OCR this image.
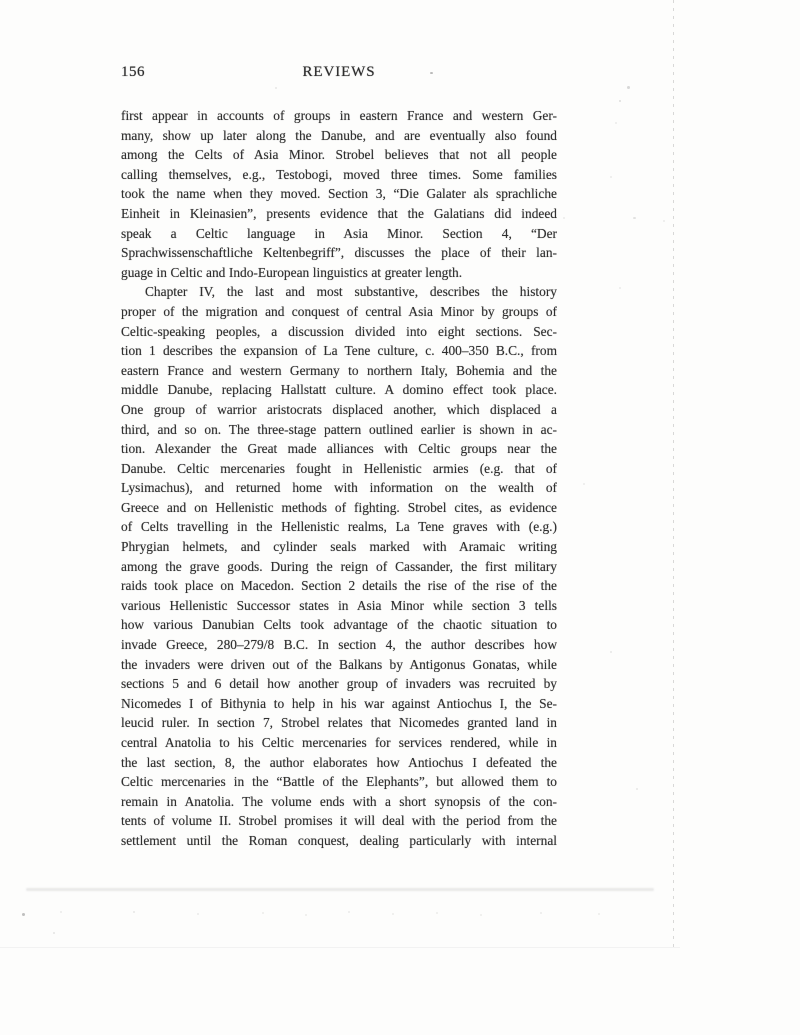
156	REVIEWS
first appear in accounts of groups in eastern France and western Ger-
many, show up later along the Danube, and are eventually also found
among the Celts of Asia Minor. Strobel believes that not all people
calling themselves, e.g., Testobogi, moved three times. Some families
took the name when they moved. Section 3, “Die Galater als sprachliche
Einheit in Kleinasien”, presents evidence that the Galatians did indeed
speak a Celtic language in Asia Minor. Section 4, “Der
Sprachwissenschaftliche Keltenbegriff”, discusses the place of their lan-
guage in Celtic and Indo-European linguistics at greater length.
Chapter IV, the last and most substantive, describes the history
proper of the migration and conquest of central Asia Minor by groups of
Celtic-speaking peoples, a discussion divided into eight sections. Sec-
tion 1 describes the expansion of La Tene culture, c. 400–350 B.C., from
eastern France and western Germany to northern Italy, Bohemia and the
middle Danube, replacing Hallstatt culture. A domino effect took place.
One group of warrior aristocrats displaced another, which displaced a
third, and so on. The three-stage pattern outlined earlier is shown in ac-
tion. Alexander the Great made alliances with Celtic groups near the
Danube. Celtic mercenaries fought in Hellenistic armies (e.g. that of
Lysimachus), and returned home with information on the wealth of
Greece and on Hellenistic methods of fighting. Strobel cites, as evidence
of Celts travelling in the Hellenistic realms, La Tene graves with (e.g.)
Phrygian helmets, and cylinder seals marked with Aramaic writing
among the grave goods. During the reign of Cassander, the first military
raids took place on Macedon. Section 2 details the rise of the rise of the
various Hellenistic Successor states in Asia Minor while section 3 tells
how various Danubian Celts took advantage of the chaotic situation to
invade Greece, 280–279/8 B.C. In section 4, the author describes how
the invaders were driven out of the Balkans by Antigonus Gonatas, while
sections 5 and 6 detail how another group of invaders was recruited by
Nicomedes I of Bithynia to help in his war against Antiochus I, the Se-
leucid ruler. In section 7, Strobel relates that Nicomedes granted land in
central Anatolia to his Celtic mercenaries for services rendered, while in
the last section, 8, the author elaborates how Antiochus I defeated the
Celtic mercenaries in the “Battle of the Elephants”, but allowed them to
remain in Anatolia. The volume ends with a short synopsis of the con-
tents of volume II. Strobel promises it will deal with the period from the
settlement until the Roman conquest, dealing particularly with internal
